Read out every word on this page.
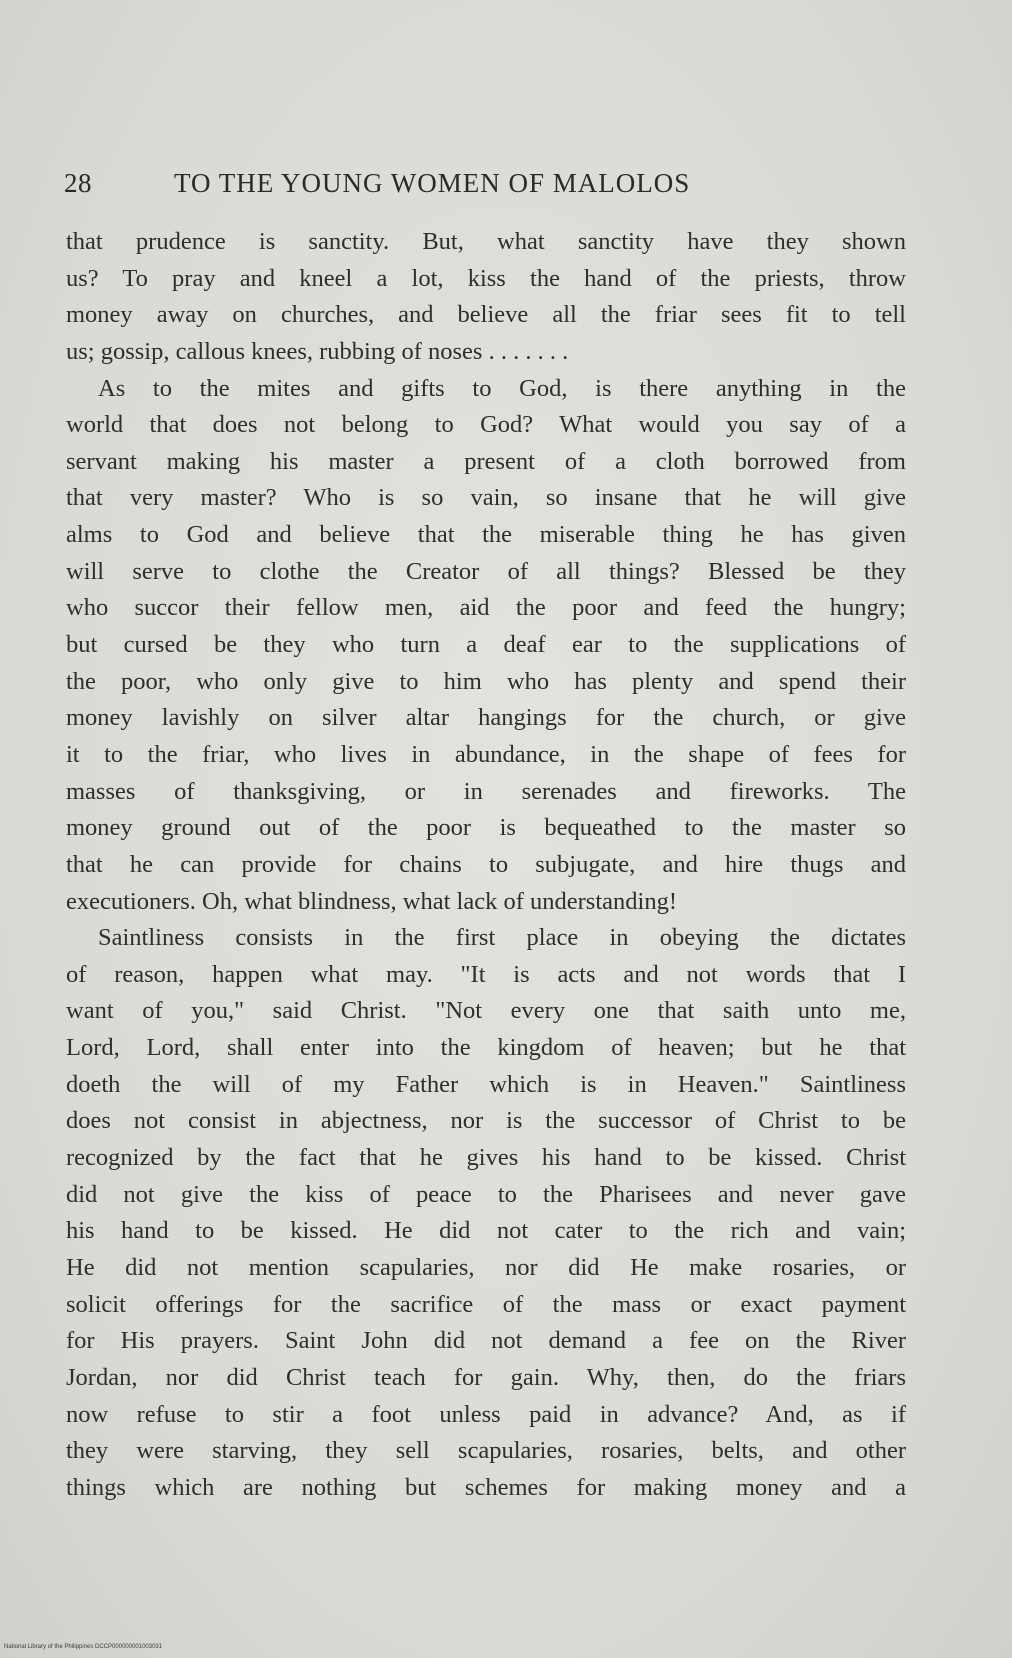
28	TO THE YOUNG WOMEN OF MALOLOS
that prudence is sanctity. But, what sanctity have they shown
us? To pray and kneel a lot, kiss the hand of the priests, throw
money away on churches, and believe all the friar sees fit to tell
us; gossip, callous knees, rubbing of noses . . . . . . .
As to the mites and gifts to God, is there anything in the
world that does not belong to God? What would you say of a
servant making his master a present of a cloth borrowed from
that very master? Who is so vain, so insane that he will give
alms to God and believe that the miserable thing he has given
will serve to clothe the Creator of all things? Blessed be they
who succor their fellow men, aid the poor and feed the hungry;
but cursed be they who turn a deaf ear to the supplications of
the poor, who only give to him who has plenty and spend their
money lavishly on silver altar hangings for the church, or give
it to the friar, who lives in abundance, in the shape of fees for
masses of thanksgiving, or in serenades and fireworks. The
money ground out of the poor is bequeathed to the master so
that he can provide for chains to subjugate, and hire thugs and
executioners. Oh, what blindness, what lack of understanding!
Saintliness consists in the first place in obeying the dictates
of reason, happen what may. "It is acts and not words that I
want of you," said Christ. "Not every one that saith unto me,
Lord, Lord, shall enter into the kingdom of heaven; but he that
doeth the will of my Father which is in Heaven." Saintliness
does not consist in abjectness, nor is the successor of Christ to be
recognized by the fact that he gives his hand to be kissed. Christ
did not give the kiss of peace to the Pharisees and never gave
his hand to be kissed. He did not cater to the rich and vain;
He did not mention scapularies, nor did He make rosaries, or
solicit offerings for the sacrifice of the mass or exact payment
for His prayers. Saint John did not demand a fee on the River
Jordan, nor did Christ teach for gain. Why, then, do the friars
now refuse to stir a foot unless paid in advance? And, as if
they were starving, they sell scapularies, rosaries, belts, and other
things which are nothing but schemes for making money and a
National Library of the Philippines DCCP000000001003031
